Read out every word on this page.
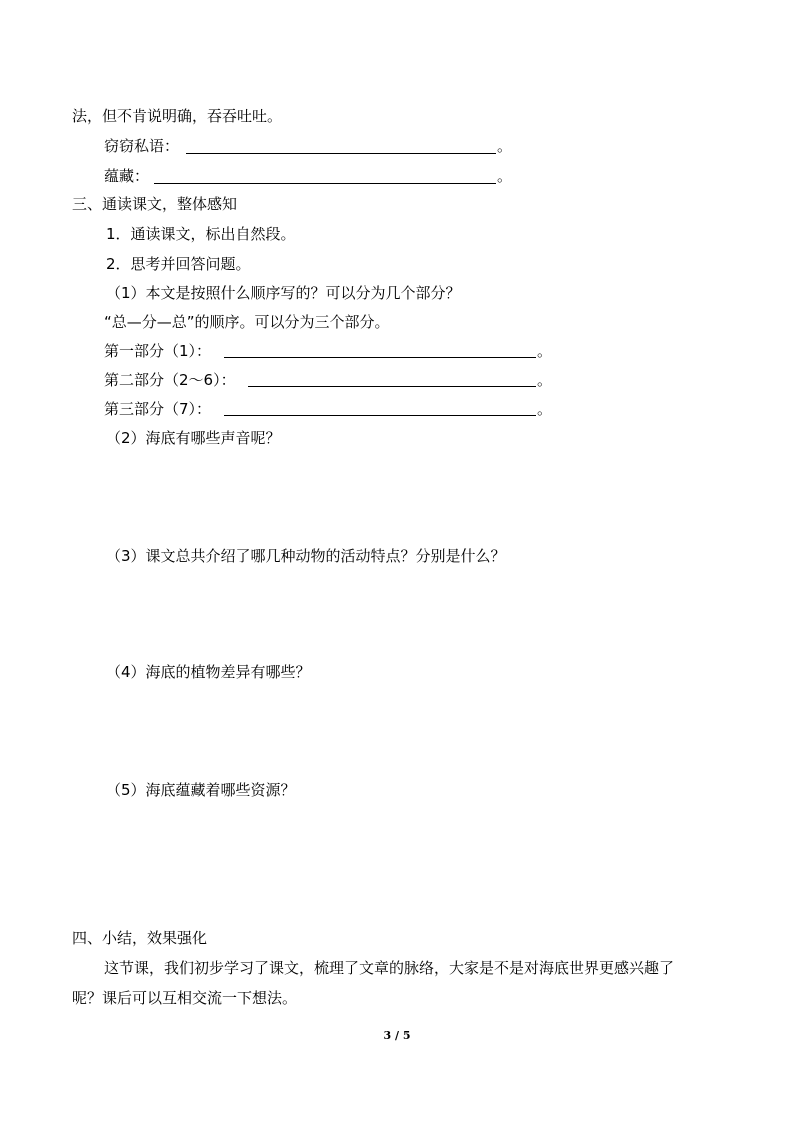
法，但不肯说明确，吞吞吐吐。
窃窃私语：	。
蕴藏：	。
三、通读课文，整体感知
1．通读课文，标出自然段。
2．思考并回答问题。
（1）本文是按照什么顺序写的？可以分为几个部分？
“总—分—总”的顺序。可以分为三个部分。
第一部分（1）：	。
第二部分（2～6）：	。
第三部分（7）：	。
（2）海底有哪些声音呢？
（3）课文总共介绍了哪几种动物的活动特点？分别是什么？
（4）海底的植物差异有哪些？
（5）海底蕴藏着哪些资源？
四、小结，效果强化
这节课，我们初步学习了课文，梳理了文章的脉络，大家是不是对海底世界更感兴趣了
呢？课后可以互相交流一下想法。
3 / 5
